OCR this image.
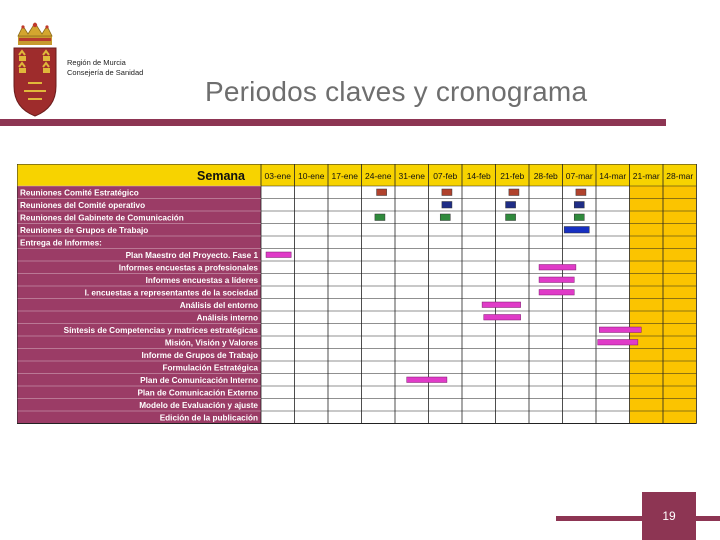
Región de Murcia
Consejería de Sanidad
Periodos claves y cronograma
Semana 03-ene 10-ene 17-ene 24-ene 31-ene 07-feb 14-feb 21-feb 28-feb 07-mar 14-mar 21-mar 28-mar
Reuniones Comité Estratégico
Reuniones del Comité operativo
Reuniones del Gabinete de Comunicación
Reuniones de Grupos de Trabajo
Entrega de Informes:
Plan Maestro del Proyecto. Fase 1
Informes encuestas a profesionales
Informes encuestas a líderes
I. encuestas a representantes de la sociedad
Análisis del entorno
Análisis interno
Síntesis de Competencias y matrices estratégicas
Misión, Visión y Valores
Informe de Grupos de Trabajo
Formulación Estratégica
Plan de Comunicación Interno
Plan de Comunicación Externo
Modelo de Evaluación y ajuste
Edición de la publicación
19
